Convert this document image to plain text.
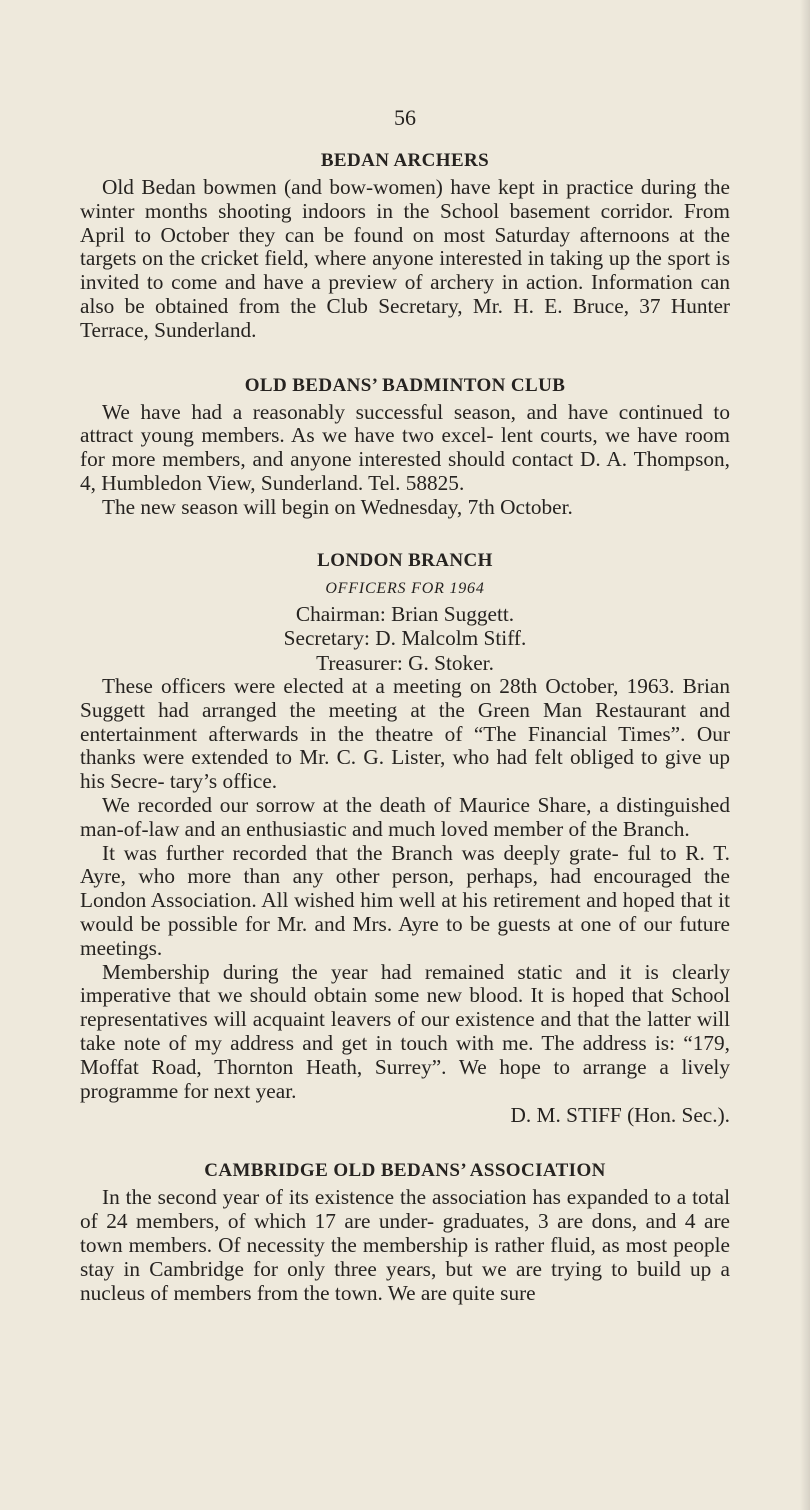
56
BEDAN ARCHERS

Old Bedan bowmen (and bow-women) have kept in practice during the winter months shooting indoors in the School basement corridor. From April to October they can be found on most Saturday afternoons at the targets on the cricket field, where anyone interested in taking up the sport is invited to come and have a preview of archery in action. Information can also be obtained from the Club Secretary, Mr. H. E. Bruce, 37 Hunter Terrace, Sunderland.

OLD BEDANS’ BADMINTON CLUB

We have had a reasonably successful season, and have continued to attract young members. As we have two excel- lent courts, we have room for more members, and anyone interested should contact D. A. Thompson, 4, Humbledon View, Sunderland. Tel. 58825.

The new season will begin on Wednesday, 7th October.

LONDON BRANCH
OFFICERS FOR 1964
Chairman: Brian Suggett.
Secretary: D. Malcolm Stiff.
Treasurer: G. Stoker.

These officers were elected at a meeting on 28th October, 1963. Brian Suggett had arranged the meeting at the Green Man Restaurant and entertainment afterwards in the theatre of “The Financial Times”. Our thanks were extended to Mr. C. G. Lister, who had felt obliged to give up his Secre- tary’s office.

We recorded our sorrow at the death of Maurice Share, a distinguished man-of-law and an enthusiastic and much loved member of the Branch.

It was further recorded that the Branch was deeply grate- ful to R. T. Ayre, who more than any other person, perhaps, had encouraged the London Association. All wished him well at his retirement and hoped that it would be possible for Mr. and Mrs. Ayre to be guests at one of our future meetings.

Membership during the year had remained static and it is clearly imperative that we should obtain some new blood. It is hoped that School representatives will acquaint leavers of our existence and that the latter will take note of my address and get in touch with me. The address is: “179, Moffat Road, Thornton Heath, Surrey”. We hope to arrange a lively programme for next year.

D. M. STIFF (Hon. Sec.).
CAMBRIDGE OLD BEDANS’ ASSOCIATION

In the second year of its existence the association has expanded to a total of 24 members, of which 17 are under- graduates, 3 are dons, and 4 are town members. Of necessity the membership is rather fluid, as most people stay in Cambridge for only three years, but we are trying to build up a nucleus of members from the town. We are quite sure
